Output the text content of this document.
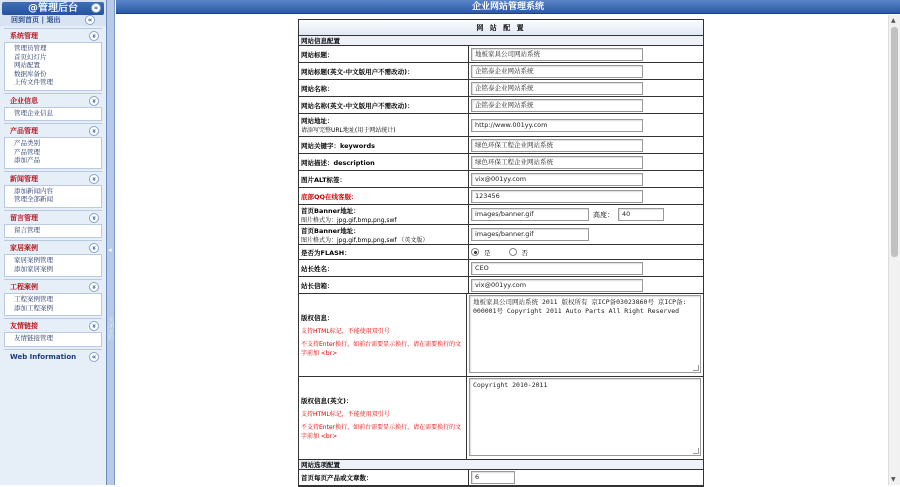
@管理后台	»
回到首页 | 退出	«
系统管理	»
管理员管理
首页幻灯片
网站配置
数据库备份
上传文件管理
企业信息	»
管理企业信息
产品管理	»
产品类别
产品管理
添加产品
新闻管理	»
添加新闻内容
管理全部新闻
留言管理	»
留言管理
家居案例	»
家居案例管理
添加家居案例
工程案例	»
工程案例管理
添加工程案例
友情链接	»
友情链接管理
Web Information	«
◂
关闭左栏
企业网站管理系统
网 站 配 置
网站信息配置
网站标题：	地板家具公司网站系统
网站标题(英文-中文版用户不需改动)：	企铭泰企业网站系统
网站名称：	企铭泰企业网站系统
网站名称(英文-中文版用户不需改动)：	企铭泰企业网站系统
网站地址：
请添写完整URL地址(用于网站统计)
http://www.001yy.com
网站关键字：keywords	绿色环保工程企业网站系统
网站描述：description	绿色环保工程企业网站系统
图片ALT标签：	vix@001yy.com
底部QQ在线客服：	123456
首页Banner地址：
图片格式为：jpg,gif,bmp,png,swf
images/banner.gif	高度：	40
首页Banner地址：
图片格式为：jpg,gif,bmp,png,swf （英文版）
images/banner.gif
是否为FLASH：	是	否
站长姓名：	CEO
站长信箱：	vix@001yy.com
版权信息：
支持HTML标记，不能使用双引号
不支持Enter换行，如前台需要显示换行，请在需要换行的文字前加 <br>
地板家具公司网站系统 2011 版权所有 京ICP备03023860号 京ICP备: 000001号 Copyright 2011 Auto Parts All Right Reserved
版权信息(英文)：
支持HTML标记，不能使用双引号
不支持Enter换行，如前台需要显示换行，请在需要换行的文字前加 <br>
Copyright 2010-2011
网站选项配置
首页每页产品或文章数：	6
▲
▼
